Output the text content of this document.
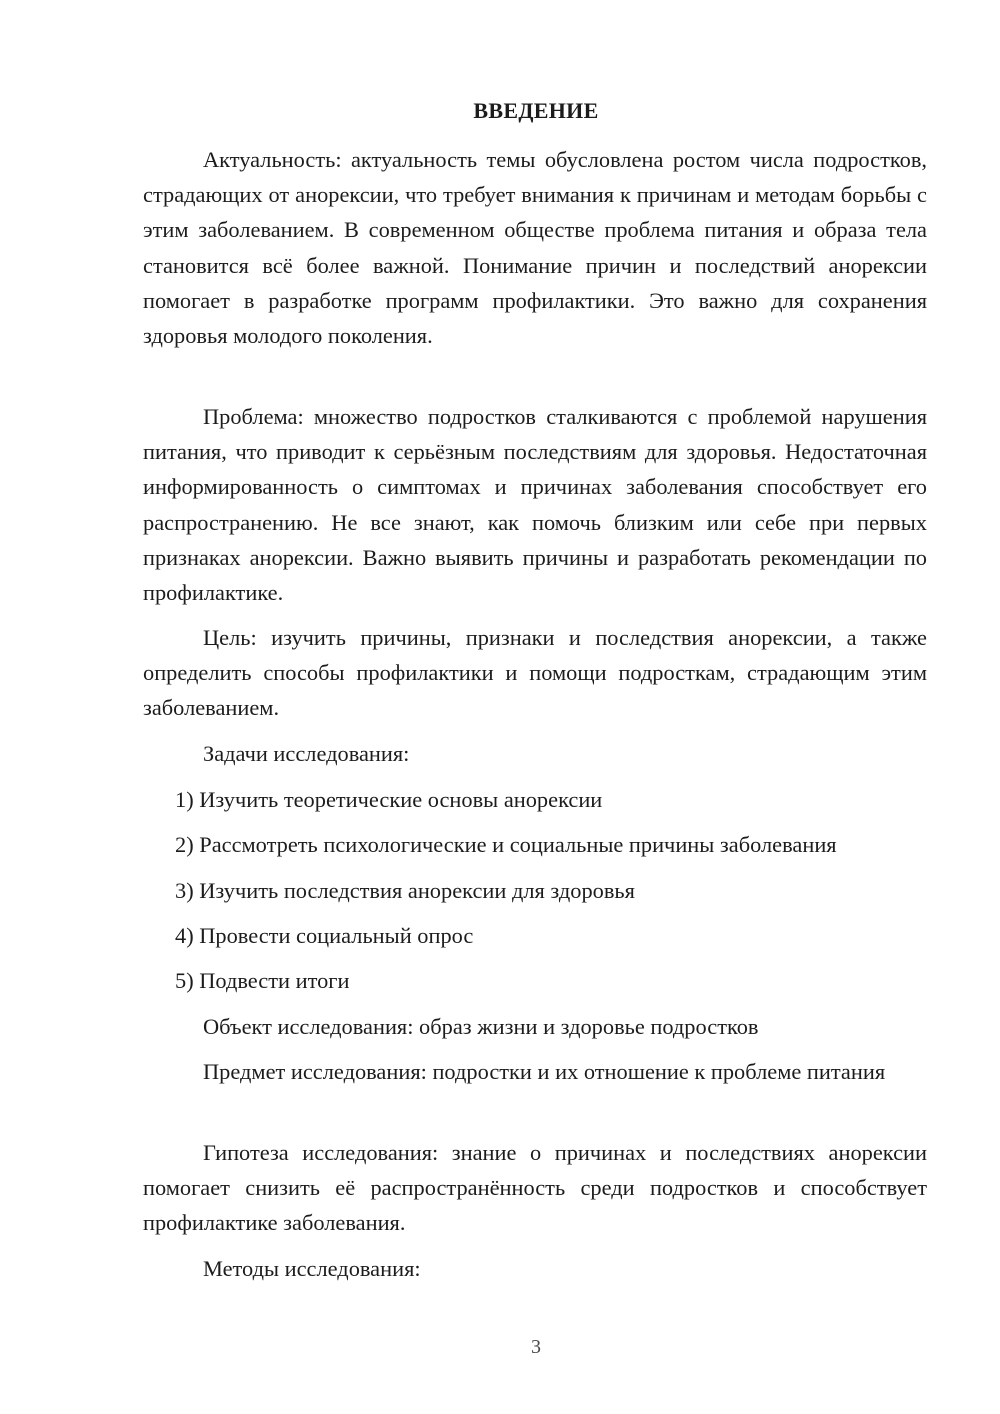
ВВЕДЕНИЕ

Актуальность: актуальность темы обусловлена ростом числа подростков, страдающих от анорексии, что требует внимания к причинам и методам борьбы с этим заболеванием. В современном обществе проблема питания и образа тела становится всё более важной. Понимание причин и последствий анорексии помогает в разработке программ профилактики. Это важно для сохранения здоровья молодого поколения.

Проблема: множество подростков сталкиваются с проблемой нарушения питания, что приводит к серьёзным последствиям для здоровья. Недостаточная информированность о симптомах и причинах заболевания способствует его распространению. Не все знают, как помочь близким или себе при первых признаках анорексии. Важно выявить причины и разработать рекомендации по профилактике.

Цель: изучить причины, признаки и последствия анорексии, а также определить способы профилактики и помощи подросткам, страдающим этим заболеванием.

Задачи исследования:

1) Изучить теоретические основы анорексии

2) Рассмотреть психологические и социальные причины заболевания

3) Изучить последствия анорексии для здоровья

4) Провести социальный опрос

5) Подвести итоги

Объект исследования: образ жизни и здоровье подростков

Предмет исследования: подростки и их отношение к проблеме питания

Гипотеза исследования: знание о причинах и последствиях анорексии помогает снизить её распространённость среди подростков и способствует профилактике заболевания.

Методы исследования:

3
